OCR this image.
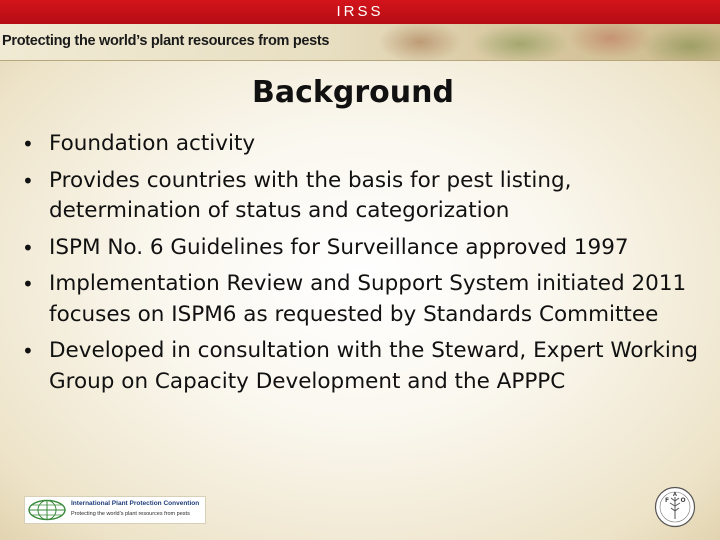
IRSS
Protecting the world’s plant resources from pests
Background
• Foundation activity
• Provides countries with the basis for pest listing, determination of status and categorization
• ISPM No. 6 Guidelines for Surveillance approved 1997
• Implementation Review and Support System initiated 2011 focuses on ISPM6 as requested by Standards Committee
• Developed in consultation with the Steward, Expert Working Group on Capacity Development and the APPPC
International Plant Protection Convention
Protecting the world’s plant resources from pests
F O
A
